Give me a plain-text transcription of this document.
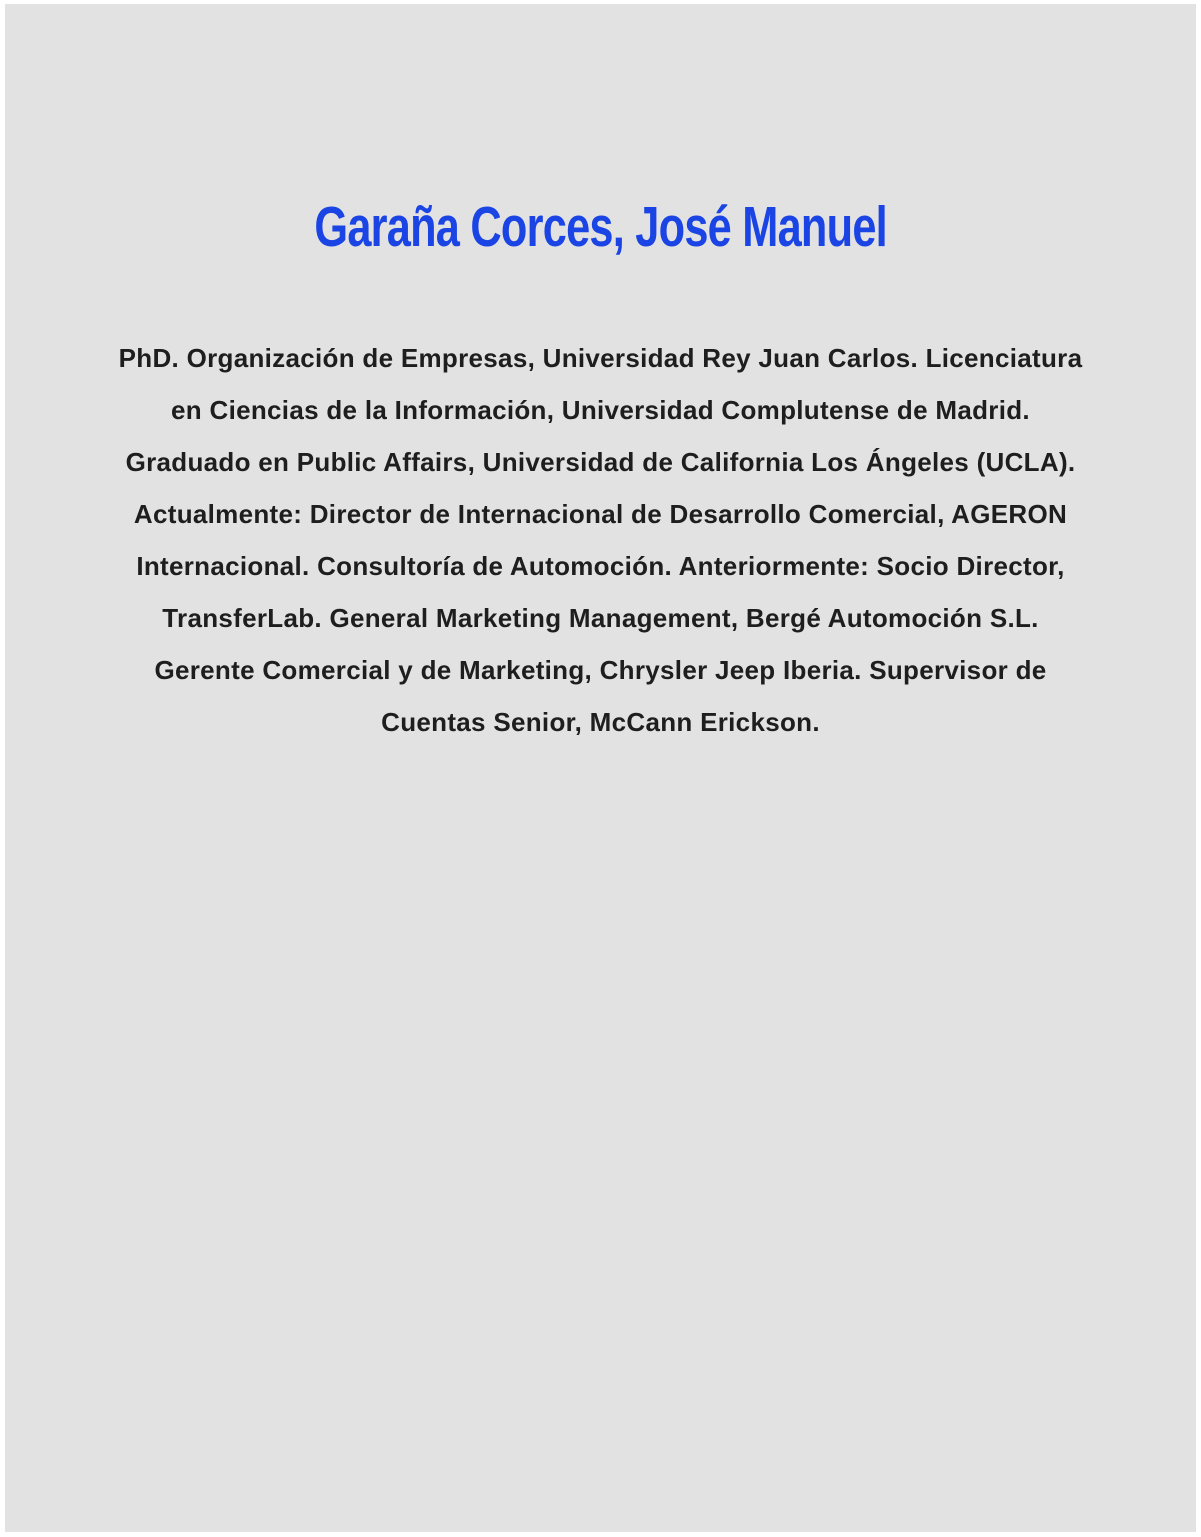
Garaña Corces, José Manuel
PhD. Organización de Empresas, Universidad Rey Juan Carlos. Licenciatura
en Ciencias de la Información, Universidad Complutense de Madrid.
Graduado en Public Affairs, Universidad de California Los Ángeles (UCLA).
Actualmente: Director de Internacional de Desarrollo Comercial, AGERON
Internacional. Consultoría de Automoción. Anteriormente: Socio Director,
TransferLab. General Marketing Management, Bergé Automoción S.L.
Gerente Comercial y de Marketing, Chrysler Jeep Iberia. Supervisor de
Cuentas Senior, McCann Erickson.
